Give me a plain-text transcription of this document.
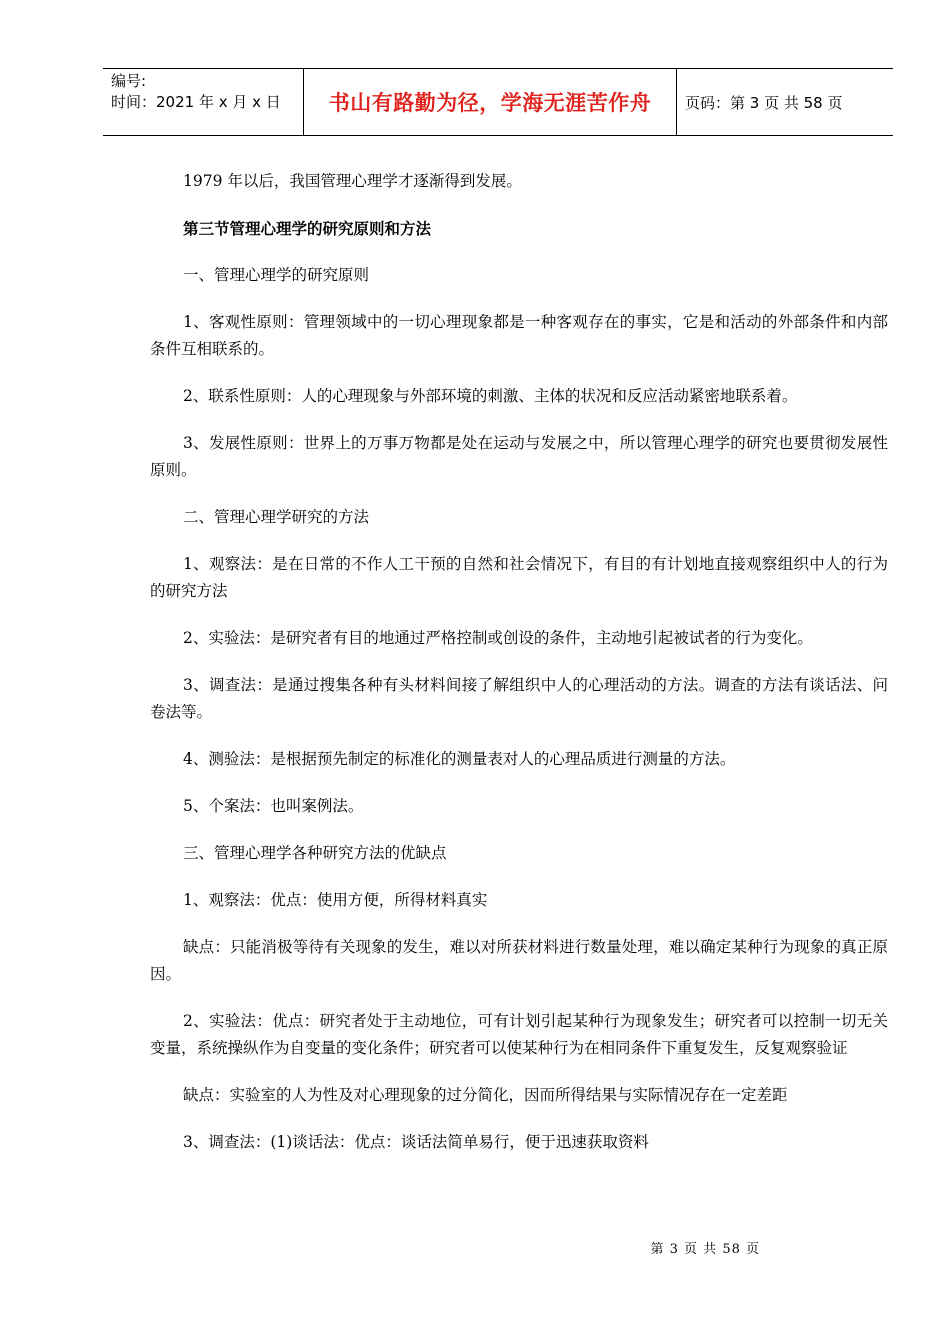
编号:
时间：2021 年 x 月 x 日	书山有路勤为径，学海无涯苦作舟	页码：第 3 页 共 58 页

1979 年以后，我国管理心理学才逐渐得到发展。

第三节管理心理学的研究原则和方法

一、管理心理学的研究原则

1、客观性原则：管理领域中的一切心理现象都是一种客观存在的事实，它是和活动的外部条件和内部条件互相联系的。

2、联系性原则：人的心理现象与外部环境的刺激、主体的状况和反应活动紧密地联系着。

3、发展性原则：世界上的万事万物都是处在运动与发展之中，所以管理心理学的研究也要贯彻发展性原则。

二、管理心理学研究的方法

1、观察法：是在日常的不作人工干预的自然和社会情况下，有目的有计划地直接观察组织中人的行为的研究方法

2、实验法：是研究者有目的地通过严格控制或创设的条件，主动地引起被试者的行为变化。

3、调查法：是通过搜集各种有头材料间接了解组织中人的心理活动的方法。调查的方法有谈话法、问卷法等。

4、测验法：是根据预先制定的标准化的测量表对人的心理品质进行测量的方法。

5、个案法：也叫案例法。

三、管理心理学各种研究方法的优缺点

1、观察法：优点：使用方便，所得材料真实

缺点：只能消极等待有关现象的发生，难以对所获材料进行数量处理，难以确定某种行为现象的真正原因。

2、实验法：优点：研究者处于主动地位，可有计划引起某种行为现象发生；研究者可以控制一切无关变量，系统操纵作为自变量的变化条件；研究者可以使某种行为在相同条件下重复发生，反复观察验证

缺点：实验室的人为性及对心理现象的过分简化，因而所得结果与实际情况存在一定差距

3、调查法：(1)谈话法：优点：谈话法简单易行，便于迅速获取资料

第 3 页 共 58 页
